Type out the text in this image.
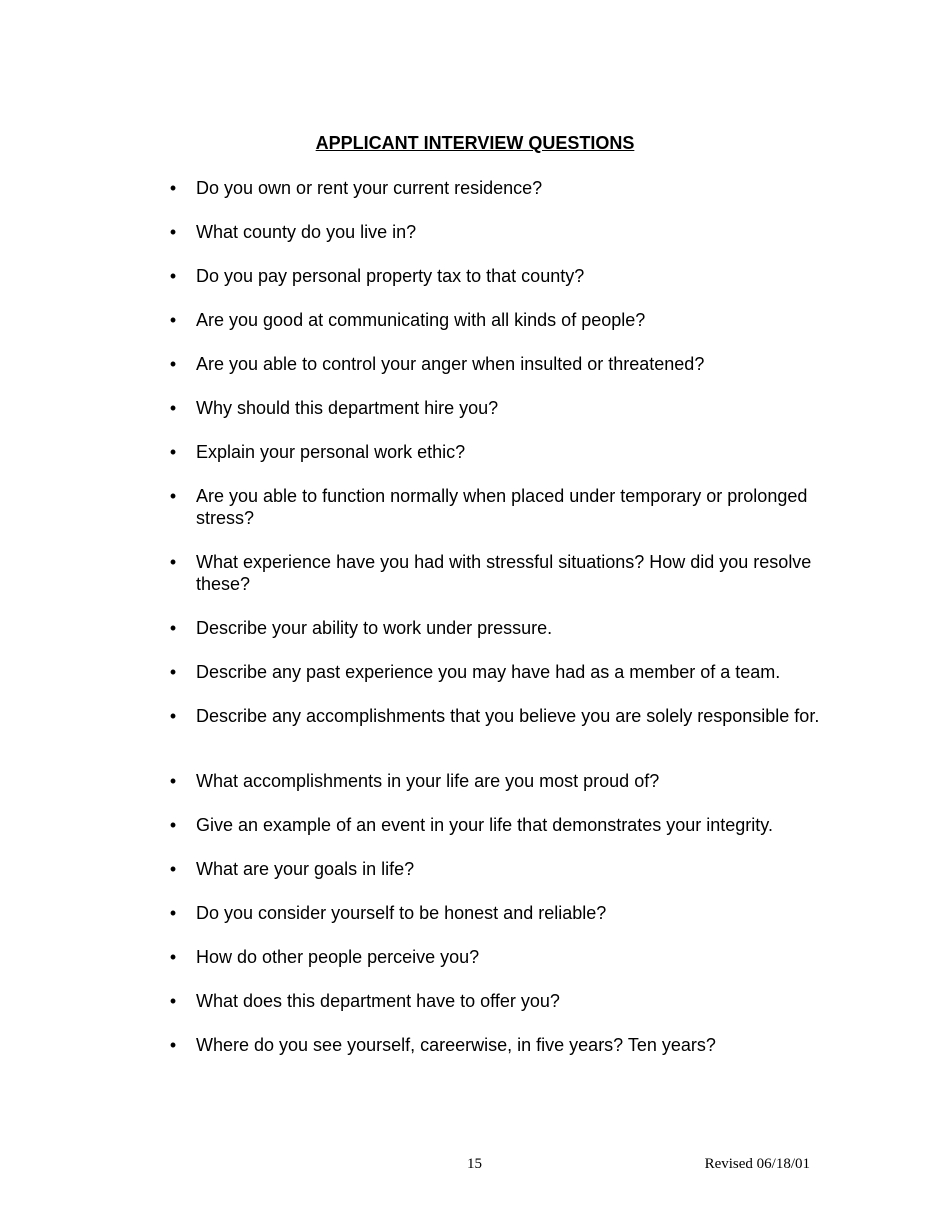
APPLICANT INTERVIEW QUESTIONS
• Do you own or rent your current residence?
• What county do you live in?
• Do you pay personal property tax to that county?
• Are you good at communicating with all kinds of people?
• Are you able to control your anger when insulted or threatened?
• Why should this department hire you?
• Explain your personal work ethic?
• Are you able to function normally when placed under temporary or prolonged stress?
• What experience have you had with stressful situations? How did you resolve these?
• Describe your ability to work under pressure.
• Describe any past experience you may have had as a member of a team.
• Describe any accomplishments that you believe you are solely responsible for.
• What accomplishments in your life are you most proud of?
• Give an example of an event in your life that demonstrates your integrity.
• What are your goals in life?
• Do you consider yourself to be honest and reliable?
• How do other people perceive you?
• What does this department have to offer you?
• Where do you see yourself, careerwise, in five years? Ten years?
15	Revised 06/18/01
